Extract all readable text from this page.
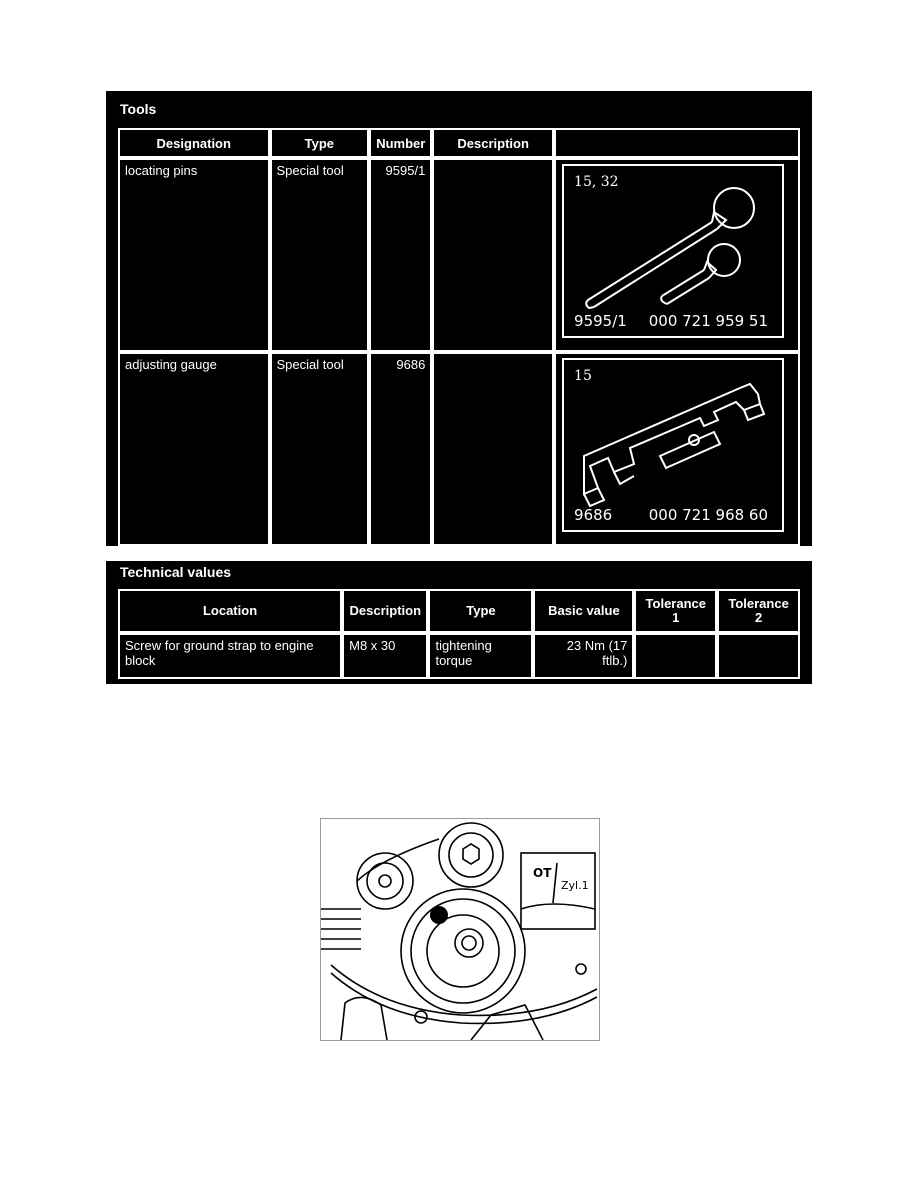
Tools
Designation	Type	Number	Description	
locating pins	Special tool	9595/1		15, 32
9595/1 000 721 959 51

adjusting gauge	Special tool	9686		15
9686 000 721 968 60
Technical values
Location	Description	Type	Basic value	Tolerance 1	Tolerance 2
Screw for ground strap to engine block	M8 x 30	tightening torque	23 Nm (17 ftlb.)		
OT
Zyl.1
